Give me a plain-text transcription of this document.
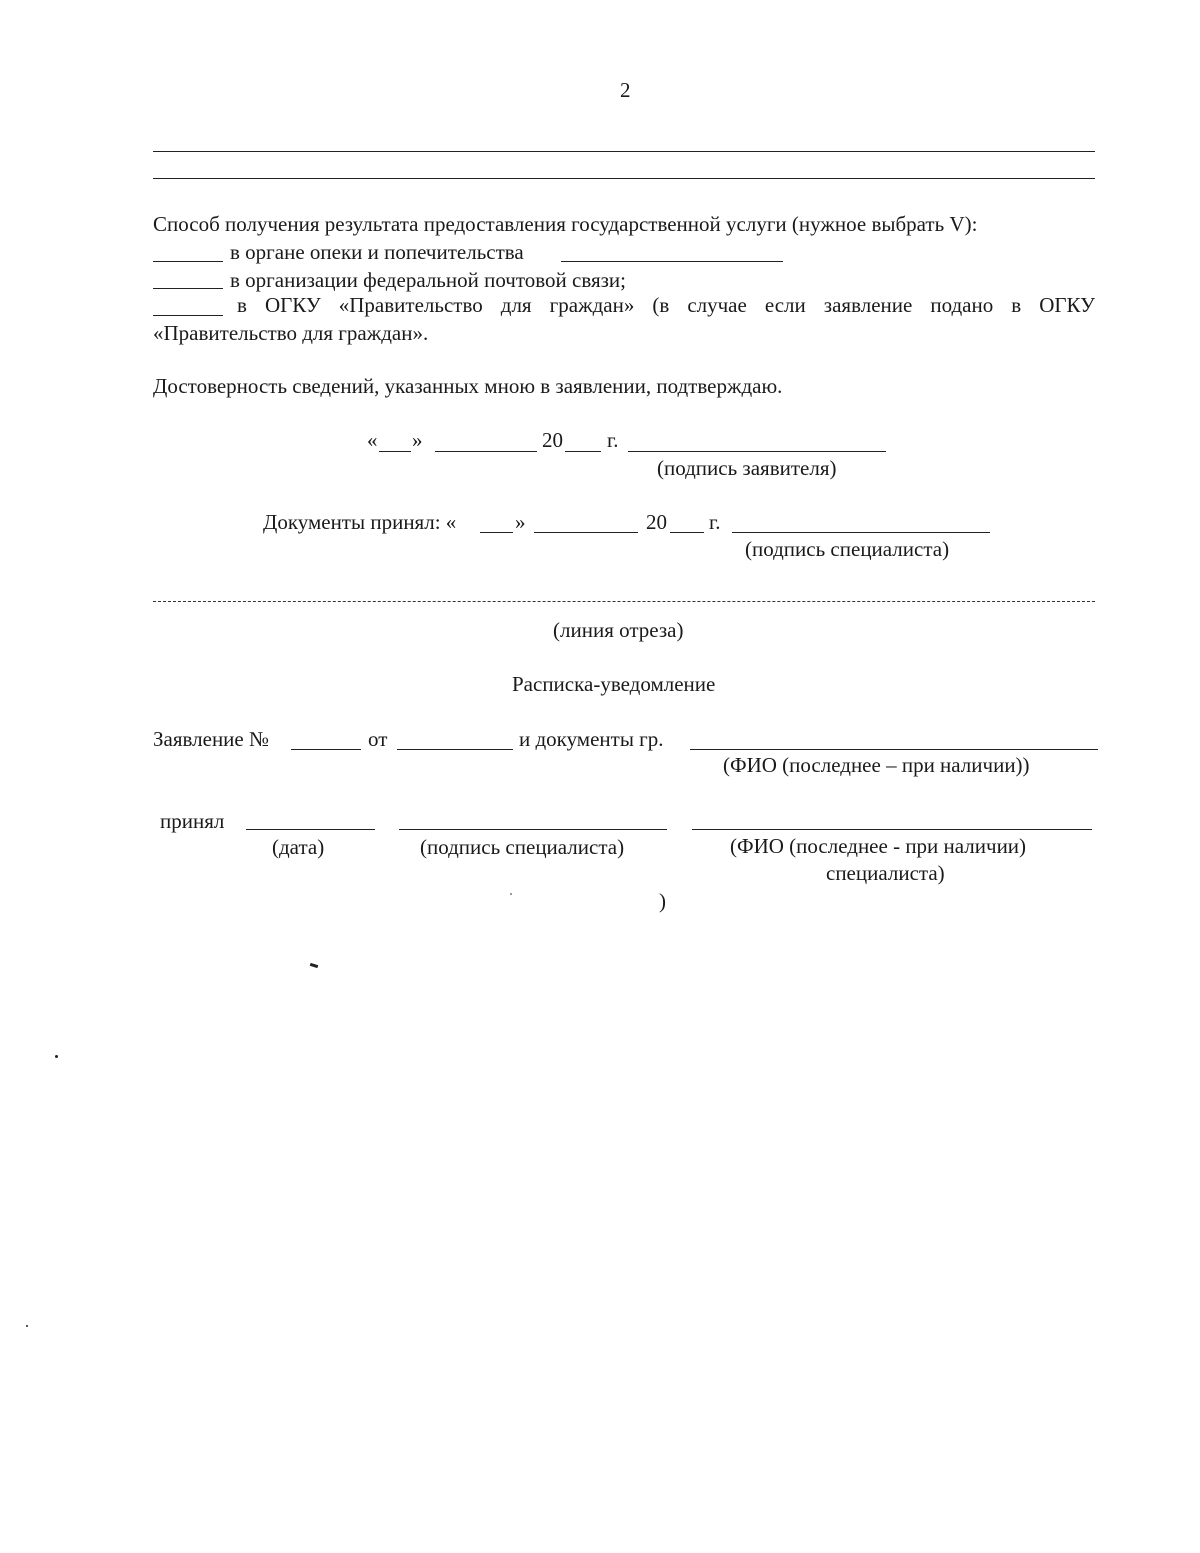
2
Способ получения результата предоставления государственной услуги (нужное выбрать V):
в органе опеки и попечительства
в организации федеральной почтовой связи;
в ОГКУ «Правительство для граждан» (в случае если заявление подано в ОГКУ
«Правительство для граждан».
Достоверность сведений, указанных мною в заявлении, подтверждаю.
« »	20 г.
(подпись заявителя)
Документы принял: «	»	20 г.
(подпись специалиста)
(линия отреза)
Расписка-уведомление
Заявление №	от	и документы гр.
(ФИО (последнее – при наличии))
принял
(дата)	(подпись специалиста)	(ФИО (последнее - при наличии)
специалиста)
)
